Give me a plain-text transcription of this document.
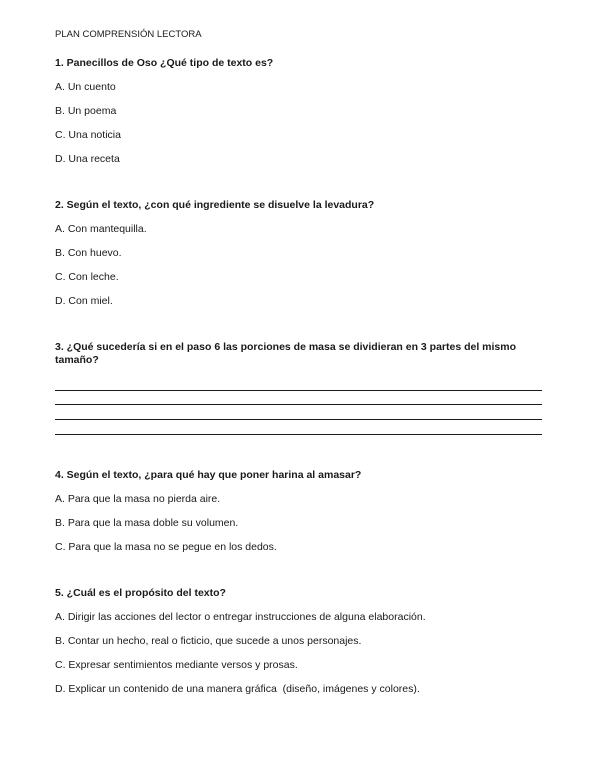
PLAN COMPRENSIÓN LECTORA
1. Panecillos de Oso ¿Qué tipo de texto es?
A. Un cuento
B. Un poema
C. Una noticia
D. Una receta
2. Según el texto, ¿con qué ingrediente se disuelve la levadura?
A. Con mantequilla.
B. Con huevo.
C. Con leche.
D. Con miel.
3. ¿Qué sucedería si en el paso 6 las porciones de masa se dividieran en 3 partes del mismo tamaño?
4. Según el texto, ¿para qué hay que poner harina al amasar?
A. Para que la masa no pierda aire.
B. Para que la masa doble su volumen.
C. Para que la masa no se pegue en los dedos.
5. ¿Cuál es el propósito del texto?
A. Dirigir las acciones del lector o entregar instrucciones de alguna elaboración.
B. Contar un hecho, real o ficticio, que sucede a unos personajes.
C. Expresar sentimientos mediante versos y prosas.
D. Explicar un contenido de una manera gráfica  (diseño, imágenes y colores).
